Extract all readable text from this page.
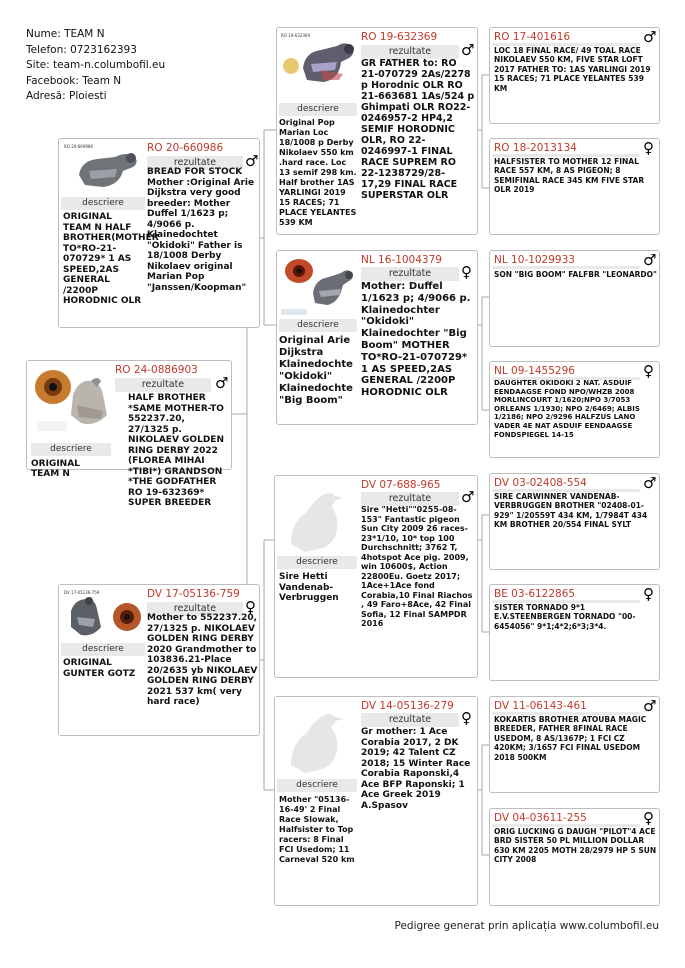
Nume: TEAM N
Telefon: 0723162393
Site: team-n.columbofil.eu
Facebook: Team N
Adresă: Ploiesti
descriere
ORIGINAL TEAM N
RO 24-0886903
rezultate	♂
HALF BROTHER *SAME MOTHER-TO 552237.20, 27/1325 p. NIKOLAEV GOLDEN RING DERBY 2022 (FLOREA MIHAI *TIBI*) GRANDSON *THE GODFATHER RO 19-632369* SUPER BREEDER
RO 20-660986
descriere
ORIGINAL TEAM N HALF BROTHER(MOTHER TO*RO-21-070729* 1 AS SPEED,2AS GENERAL /2200P HORODNIC OLR
RO 20-660986
rezultate	♂
BREAD FOR STOCK Mother :Original Arie Dijkstra very good breeder: Mother Duffel 1/1623 p; 4/9066 p. Klainedochtet "Okidoki" Father is 18/1008 Derby Nikolaev original Marian Pop "Janssen/Koopman"
DV 17-05136-759
descriere
ORIGINAL GUNTER GOTZ
DV 17-05136-759
rezultate	♀
Mother to 552237.20, 27/1325 p. NIKOLAEV GOLDEN RING DERBY 2020 Grandmother to 103836.21-Place 20/2635 yb NIKOLAEV GOLDEN RING DERBY 2021 537 km( very hard race)
RO 19-632369
descriere
Original Pop Marian Loc 18/1008 p Derby Nikolaev 550 km .hard race. Loc 13 semif 298 km. Half brother 1AS YARLINGI 2019 15 RACES; 71 PLACE YELANTES 539 KM
RO 19-632369
rezultate	♂
GR FATHER to: RO 21-070729 2As/2278 p Horodnic OLR RO 21-663681 1As/524 p Ghimpati OLR RO22-0246957-2 HP4,2 SEMIF HORODNIC OLR, RO 22-0246997-1 FINAL RACE SUPREM RO 22-1238729/28-17,29 FINAL RACE SUPERSTAR OLR
descriere
Original Arie Dijkstra Klainedochte "Okidoki" Klainedochte "Big Boom"
NL 16-1004379
rezultate	♀
Mother: Duffel 1/1623 p; 4/9066 p. Klainedochter "Okidoki" Klainedochter "Big Boom" MOTHER TO*RO-21-070729* 1 AS SPEED,2AS GENERAL /2200P HORODNIC OLR
descriere
Sire Hetti Vandenab-Verbruggen
DV 07-688-965
rezultate	♂
Sire "Hetti""0255-08-153" Fantastic pigeon Sun City 2009 26 races-23*1/10, 10* top 100 Durchschnitt; 3762 T, 4hotspot Ace pig. 2009, win 10600$, Action 22800Eu. Goetz 2017; 1Ace+1Ace fond Corabia,10 Final Riachos , 49 Faro+8Ace, 42 Final Sofia, 12 Final SAMPDR 2016
descriere
Mother "05136-16-49' 2 Final Race Slowak, Halfsister to Top racers: 8 Final FCI Usedom; 11 Carneval 520 km
DV 14-05136-279
rezultate	♀
Gr mother: 1 Ace Corabia 2017, 2 DK 2019; 42 Talent CZ 2018; 15 Winter Race Corabia Raponski,4 Ace BFP Raponski; 1 Ace Greek 2019 A.Spasov
RO 17-401616	♂
LOC 18 FINAL RACE/ 49 TOAL RACE NIKOLAEV 550 KM, FIVE STAR LOFT 2017 FATHER TO: 1AS YARLINGI 2019 15 RACES; 71 PLACE YELANTES 539 KM
RO 18-2013134	♀
HALFSISTER TO MOTHER 12 FINAL RACE 557 KM, 8 AS PIGEON; 8 SEMIFINAL RACE 345 KM FIVE STAR OLR 2019
NL 10-1029933	♂
SON "BIG BOOM" FALFBR "LEONARDO"
NL 09-1455296	♀
DAUGHTER OKIDOKI 2 NAT. ASDUIF EENDAAGSE FOND NPO/WHZB 2008 MORLINCOURT 1/1620;NPO 3/7053 ORLEANS 1/1930; NPO 2/6469; ALBIS 1/2186; NPO 2/9296 HALFZUS LANO VADER 4E NAT ASDUIF EENDAAGSE FONDSPIEGEL 14-15
DV 03-02408-554	♂
SIRE CARWINNER VANDENAB-VERBRUGGEN BROTHER "02408-01-929" 1/20559T 434 KM, 1/7984T 434 KM BROTHER 20/554 FINAL SYLT
BE 03-6122865	♀
SISTER TORNADO 9*1 E.V.STEENBERGEN TORNADO "00-6454056" 9*1;4*2;6*3;3*4.
DV 11-06143-461	♂
KOKARTIS BROTHER ATOUBA MAGIC BREEDER, FATHER 8FINAL RACE USEDOM, 8 AS/1367P; 1 FCI CZ 420KM; 3/1657 FCI FINAL USEDOM 2018 500KM
DV 04-03611-255	♀
ORIG LUCKING G DAUGH "PILOT"4 ACE BRD SISTER 50 PL MILLION DOLLAR 630 KM 2205 MOTH 28/2979 HP 5 SUN CITY 2008
Pedigree generat prin aplicația www.columbofil.eu
